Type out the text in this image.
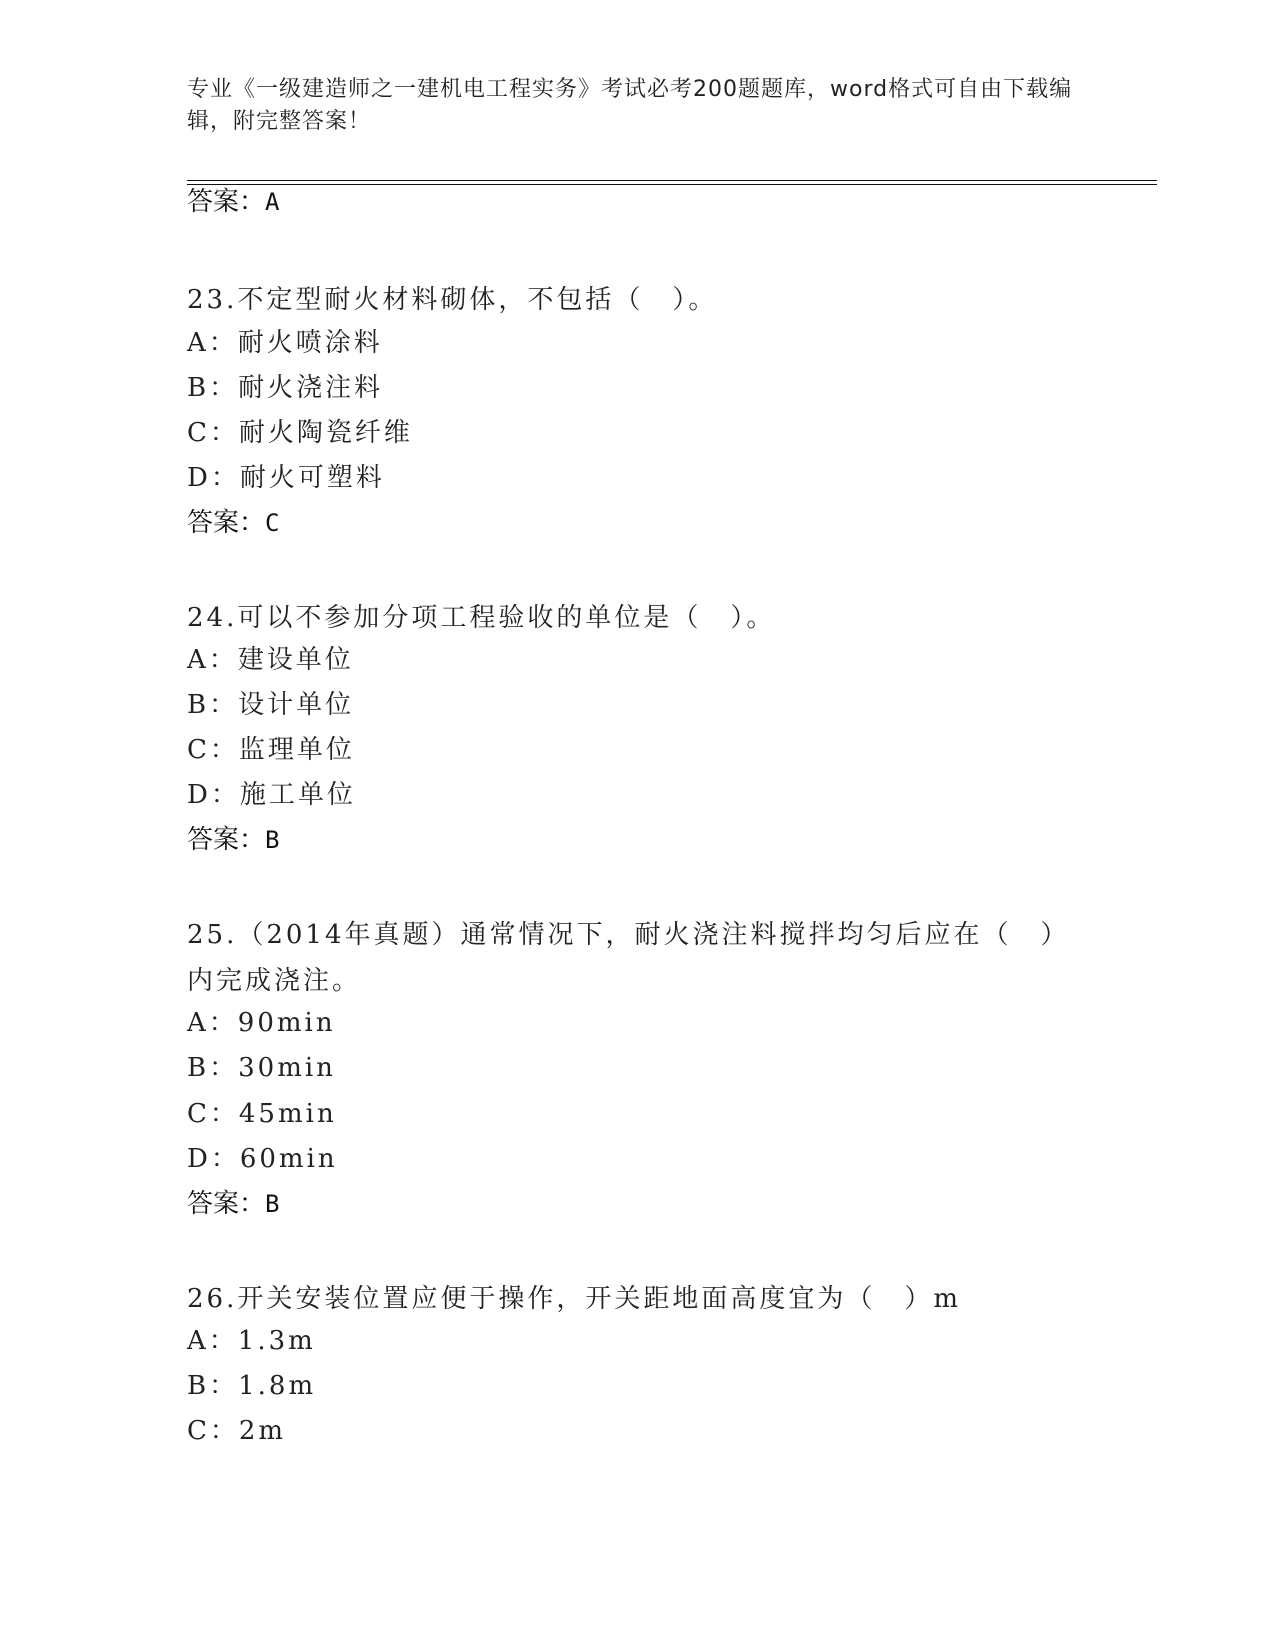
专业《一级建造师之一建机电工程实务》考试必考200题题库，word格式可自由下载编辑，附完整答案！
答案：A
23.不定型耐火材料砌体，不包括（　）。
A：耐火喷涂料
B：耐火浇注料
C：耐火陶瓷纤维
D：耐火可塑料
答案：C
24.可以不参加分项工程验收的单位是（　）。
A：建设单位
B：设计单位
C：监理单位
D：施工单位
答案：B
25.（2014年真题）通常情况下，耐火浇注料搅拌均匀后应在（　）内完成浇注。
A：90min
B：30min
C：45min
D：60min
答案：B
26.开关安装位置应便于操作，开关距地面高度宜为（　）m
A：1.3m
B：1.8m
C：2m
